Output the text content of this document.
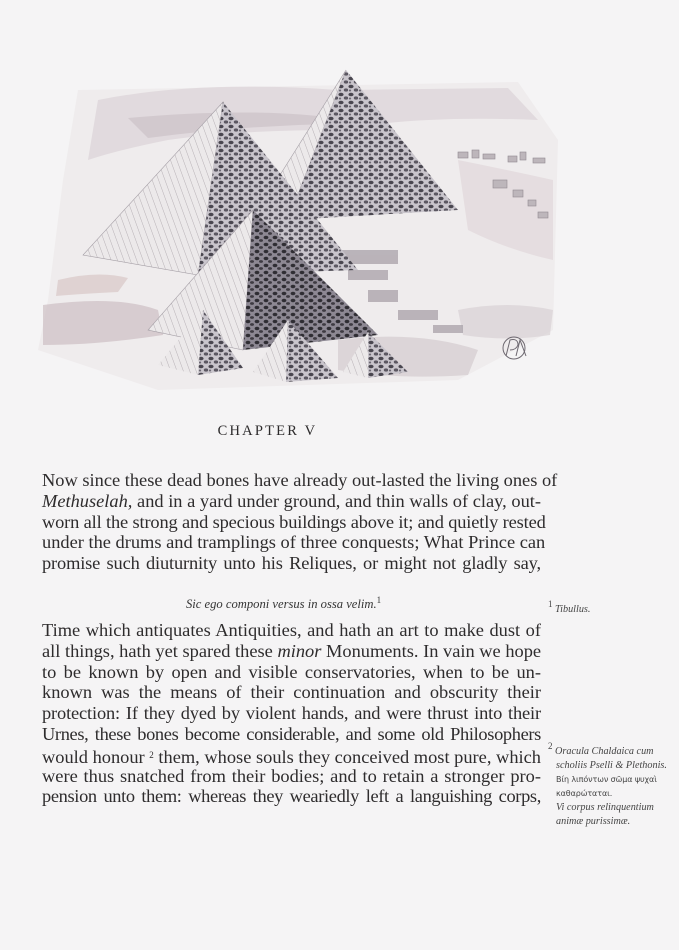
CHAPTER V
Now since these dead bones have already out-lasted the living ones of
Methuselah, and in a yard under ground, and thin walls of clay, out-
worn all the strong and specious buildings above it; and quietly rested
under the drums and tramplings of three conquests; What Prince can
promise such diuturnity unto his Reliques, or might not gladly say,
Sic ego componi versus in ossa velim.$^1$
Time which antiquates Antiquities, and hath an art to make dust of
all things, hath yet spared these minor Monuments. In vain we hope
to be known by open and visible conservatories, when to be un-
known was the means of their continuation and obscurity their
protection: If they dyed by violent hands, and were thrust into their
Urnes, these bones become considerable, and some old Philosophers
would honour $^2$ them, whose souls they conceived most pure, which
were thus snatched from their bodies; and to retain a stronger pro-
pension unto them: whereas they weariedly left a languishing corps,
1 Tibullus.
2 Oracula Chaldaica cum
scholiis Pselli & Plethonis.
Βίη λιπόντων σῶμα ψυχαὶ
καθαρώταται.
Vi corpus relinquentium
animæ purissimæ.
